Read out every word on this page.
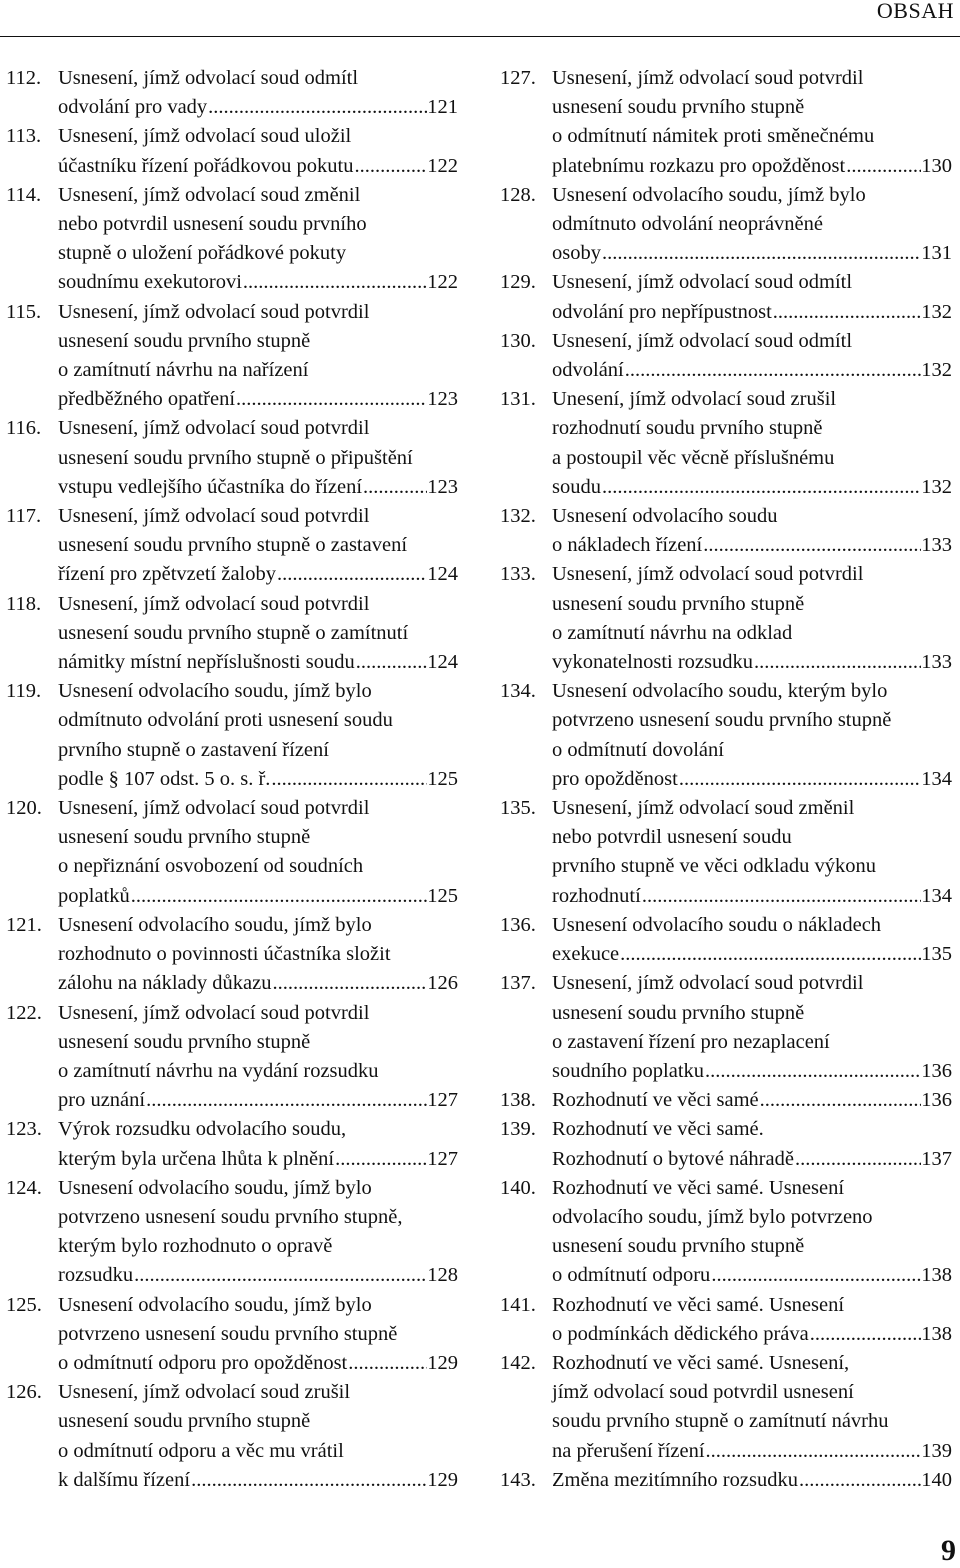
OBSAH
112. Usnesení, jímž odvolací soud odmítl
odvolání pro vady .....	121
113. Usnesení, jímž odvolací soud uložil
účastníku řízení pořádkovou pokutu .....	122
114. Usnesení, jímž odvolací soud změnil
nebo potvrdil usnesení soudu prvního
stupně o uložení pořádkové pokuty
soudnímu exekutorovi .....	122
115. Usnesení, jímž odvolací soud potvrdil
usnesení soudu prvního stupně
o zamítnutí návrhu na nařízení
předběžného opatření .....	123
116. Usnesení, jímž odvolací soud potvrdil
usnesení soudu prvního stupně o připuštění
vstupu vedlejšího účastníka do řízení .....	123
117. Usnesení, jímž odvolací soud potvrdil
usnesení soudu prvního stupně o zastavení
řízení pro zpětvzetí žaloby .....	124
118. Usnesení, jímž odvolací soud potvrdil
usnesení soudu prvního stupně o zamítnutí
námitky místní nepříslušnosti soudu .....	124
119. Usnesení odvolacího soudu, jímž bylo
odmítnuto odvolání proti usnesení soudu
prvního stupně o zastavení řízení
podle § 107 odst. 5 o. s. ř. .....	125
120. Usnesení, jímž odvolací soud potvrdil
usnesení soudu prvního stupně
o nepřiznání osvobození od soudních
poplatků .....	125
121. Usnesení odvolacího soudu, jímž bylo
rozhodnuto o povinnosti účastníka složit
zálohu na náklady důkazu .....	126
122. Usnesení, jímž odvolací soud potvrdil
usnesení soudu prvního stupně
o zamítnutí návrhu na vydání rozsudku
pro uznání .....	127
123. Výrok rozsudku odvolacího soudu,
kterým byla určena lhůta k plnění .....	127
124. Usnesení odvolacího soudu, jímž bylo
potvrzeno usnesení soudu prvního stupně,
kterým bylo rozhodnuto o opravě
rozsudku .....	128
125. Usnesení odvolacího soudu, jímž bylo
potvrzeno usnesení soudu prvního stupně
o odmítnutí odporu pro opožděnost .....	129
126. Usnesení, jímž odvolací soud zrušil
usnesení soudu prvního stupně
o odmítnutí odporu a věc mu vrátil
k dalšímu řízení .....	129
127. Usnesení, jímž odvolací soud potvrdil
usnesení soudu prvního stupně
o odmítnutí námitek proti směnečnému
platebnímu rozkazu pro opožděnost .....	130
128. Usnesení odvolacího soudu, jímž bylo
odmítnuto odvolání neoprávněné
osoby .....	131
129. Usnesení, jímž odvolací soud odmítl
odvolání pro nepřípustnost .....	132
130. Usnesení, jímž odvolací soud odmítl
odvolání .....	132
131. Unesení, jímž odvolací soud zrušil
rozhodnutí soudu prvního stupně
a postoupil věc věcně příslušnému
soudu .....	132
132. Usnesení odvolacího soudu
o nákladech řízení .....	133
133. Usnesení, jímž odvolací soud potvrdil
usnesení soudu prvního stupně
o zamítnutí návrhu na odklad
vykonatelnosti rozsudku .....	133
134. Usnesení odvolacího soudu, kterým bylo
potvrzeno usnesení soudu prvního stupně
o odmítnutí dovolání
pro opožděnost .....	134
135. Usnesení, jímž odvolací soud změnil
nebo potvrdil usnesení soudu
prvního stupně ve věci odkladu výkonu
rozhodnutí .....	134
136. Usnesení odvolacího soudu o nákladech
exekuce .....	135
137. Usnesení, jímž odvolací soud potvrdil
usnesení soudu prvního stupně
o zastavení řízení pro nezaplacení
soudního poplatku .....	136
138. Rozhodnutí ve věci samé .....	136
139. Rozhodnutí ve věci samé.
Rozhodnutí o bytové náhradě .....	137
140. Rozhodnutí ve věci samé. Usnesení
odvolacího soudu, jímž bylo potvrzeno
usnesení soudu prvního stupně
o odmítnutí odporu .....	138
141. Rozhodnutí ve věci samé. Usnesení
o podmínkách dědického práva .....	138
142. Rozhodnutí ve věci samé. Usnesení,
jímž odvolací soud potvrdil usnesení
soudu prvního stupně o zamítnutí návrhu
na přerušení řízení .....	139
143. Změna mezitímního rozsudku .....	140
9
